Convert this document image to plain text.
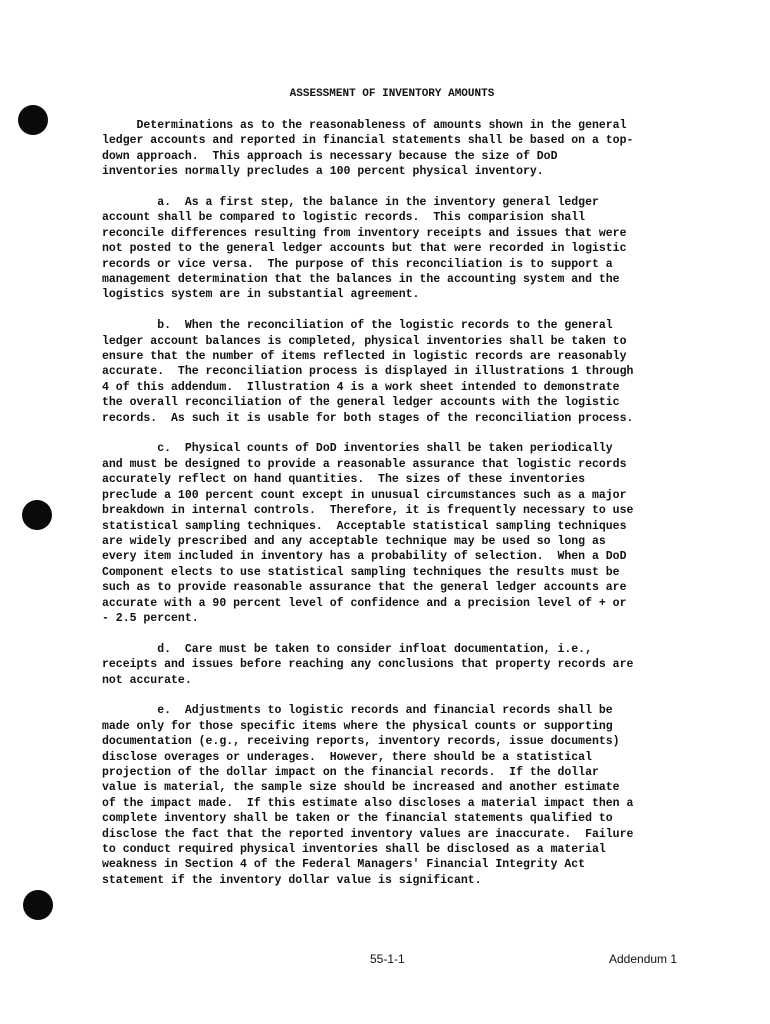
ASSESSMENT OF INVENTORY AMOUNTS
Determinations as to the reasonableness of amounts shown in the general
ledger accounts and reported in financial statements shall be based on a top-
down approach.  This approach is necessary because the size of DoD
inventories normally precludes a 100 percent physical inventory.
a.  As a first step, the balance in the inventory general ledger
account shall be compared to logistic records.  This comparision shall
reconcile differences resulting from inventory receipts and issues that were
not posted to the general ledger accounts but that were recorded in logistic
records or vice versa.  The purpose of this reconciliation is to support a
management determination that the balances in the accounting system and the
logistics system are in substantial agreement.
b.  When the reconciliation of the logistic records to the general
ledger account balances is completed, physical inventories shall be taken to
ensure that the number of items reflected in logistic records are reasonably
accurate.  The reconciliation process is displayed in illustrations 1 through
4 of this addendum.  Illustration 4 is a work sheet intended to demonstrate
the overall reconciliation of the general ledger accounts with the logistic
records.  As such it is usable for both stages of the reconciliation process.
c.  Physical counts of DoD inventories shall be taken periodically
and must be designed to provide a reasonable assurance that logistic records
accurately reflect on hand quantities.  The sizes of these inventories
preclude a 100 percent count except in unusual circumstances such as a major
breakdown in internal controls.  Therefore, it is frequently necessary to use
statistical sampling techniques.  Acceptable statistical sampling techniques
are widely prescribed and any acceptable technique may be used so long as
every item included in inventory has a probability of selection.  When a DoD
Component elects to use statistical sampling techniques the results must be
such as to provide reasonable assurance that the general ledger accounts are
accurate with a 90 percent level of confidence and a precision level of + or
- 2.5 percent.
d.  Care must be taken to consider infloat documentation, i.e.,
receipts and issues before reaching any conclusions that property records are
not accurate.
e.  Adjustments to logistic records and financial records shall be
made only for those specific items where the physical counts or supporting
documentation (e.g., receiving reports, inventory records, issue documents)
disclose overages or underages.  However, there should be a statistical
projection of the dollar impact on the financial records.  If the dollar
value is material, the sample size should be increased and another estimate
of the impact made.  If this estimate also discloses a material impact then a
complete inventory shall be taken or the financial statements qualified to
disclose the fact that the reported inventory values are inaccurate.  Failure
to conduct required physical inventories shall be disclosed as a material
weakness in Section 4 of the Federal Managers' Financial Integrity Act
statement if the inventory dollar value is significant.
55-1-1	Addendum 1
